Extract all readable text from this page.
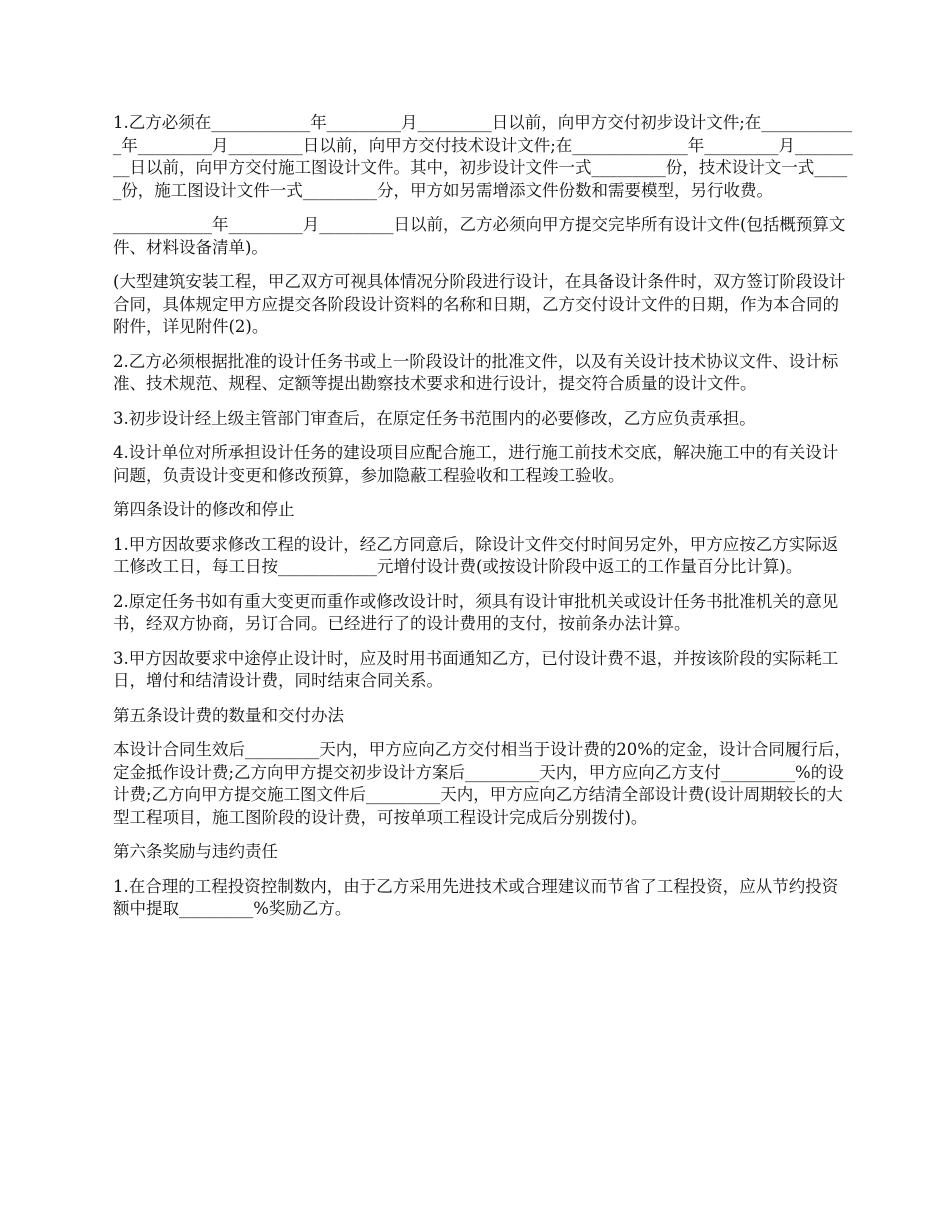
1.乙方必须在____________年_________月_________日以前，向甲方交付初步设计文件;在____________年_________月_________日以前，向甲方交付技术设计文件;在______________年_________月_________日以前，向甲方交付施工图设计文件。其中，初步设计文件一式_________份，技术设计文一式_____份，施工图设计文件一式_________分，甲方如另需增添文件份数和需要模型，另行收费。

____________年_________月_________日以前，乙方必须向甲方提交完毕所有设计文件(包括概预算文件、材料设备清单)。

(大型建筑安装工程，甲乙双方可视具体情况分阶段进行设计，在具备设计条件时，双方签订阶段设计合同，具体规定甲方应提交各阶段设计资料的名称和日期，乙方交付设计文件的日期，作为本合同的附件，详见附件(2)。

2.乙方必须根据批准的设计任务书或上一阶段设计的批准文件，以及有关设计技术协议文件、设计标准、技术规范、规程、定额等提出勘察技术要求和进行设计，提交符合质量的设计文件。

3.初步设计经上级主管部门审查后，在原定任务书范围内的必要修改，乙方应负责承担。

4.设计单位对所承担设计任务的建设项目应配合施工，进行施工前技术交底，解决施工中的有关设计问题，负责设计变更和修改预算，参加隐蔽工程验收和工程竣工验收。

第四条设计的修改和停止

1.甲方因故要求修改工程的设计，经乙方同意后，除设计文件交付时间另定外，甲方应按乙方实际返工修改工日，每工日按____________元增付设计费(或按设计阶段中返工的工作量百分比计算)。

2.原定任务书如有重大变更而重作或修改设计时，须具有设计审批机关或设计任务书批准机关的意见书，经双方协商，另订合同。已经进行了的设计费用的支付，按前条办法计算。

3.甲方因故要求中途停止设计时，应及时用书面通知乙方，已付设计费不退，并按该阶段的实际耗工日，增付和结清设计费，同时结束合同关系。

第五条设计费的数量和交付办法

本设计合同生效后_________天内，甲方应向乙方交付相当于设计费的20%的定金，设计合同履行后，定金抵作设计费;乙方向甲方提交初步设计方案后_________天内，甲方应向乙方支付_________%的设计费;乙方向甲方提交施工图文件后_________天内，甲方应向乙方结清全部设计费(设计周期较长的大型工程项目，施工图阶段的设计费，可按单项工程设计完成后分别拨付)。

第六条奖励与违约责任

1.在合理的工程投资控制数内，由于乙方采用先进技术或合理建议而节省了工程投资，应从节约投资额中提取_________%奖励乙方。
